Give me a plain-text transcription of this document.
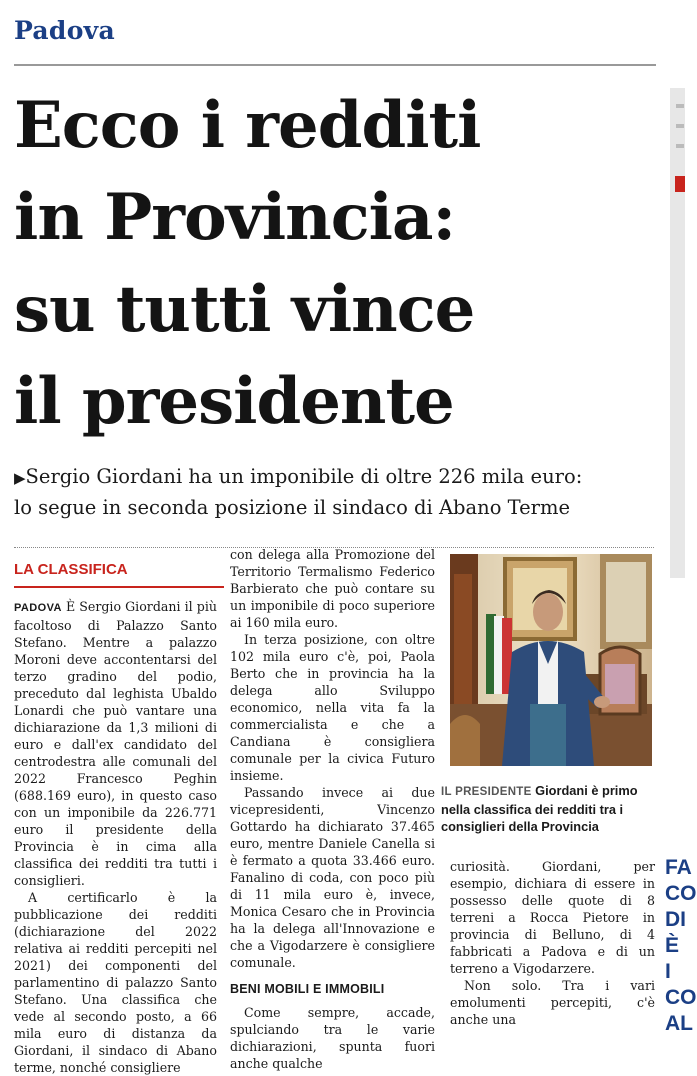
Padova
Ecco i redditi
in Provincia:
su tutti vince
il presidente
▶Sergio Giordani ha un imponibile di oltre 226 mila euro:
lo segue in seconda posizione il sindaco di Abano Terme
LA CLASSIFICA

PADOVA È Sergio Giordani il più facoltoso di Palazzo Santo Stefano. Mentre a palazzo Moroni deve accontentarsi del terzo gradino del podio, preceduto dal leghista Ubaldo Lonardi che può vantare una dichiarazione da 1,3 milioni di euro e dall'ex candidato del centrodestra alle comunali del 2022 Francesco Peghin (688.169 euro), in questo caso con un imponibile da 226.771 euro il presidente della Provincia è in cima alla classifica dei redditi tra tutti i consiglieri.

A certificarlo è la pubblicazione dei redditi (dichiarazione del 2022 relativa ai redditi percepiti nel 2021) dei componenti del parlamentino di palazzo Santo Stefano. Una classifica che vede al secondo posto, a 66 mila euro di distanza da Giordani, il sindaco di Abano terme, nonché consigliere

con delega alla Promozione del Territorio Termalismo Federico Barbierato che può contare su un imponibile di poco superiore ai 160 mila euro.

In terza posizione, con oltre 102 mila euro c'è, poi, Paola Berto che in provincia ha la delega allo Sviluppo economico, nella vita fa la commercialista e che a Candiana è consigliera comunale per la civica Futuro insieme.

Passando invece ai due vicepresidenti, Vincenzo Gottardo ha dichiarato 37.465 euro, mentre Daniele Canella si è fermato a quota 33.466 euro. Fanalino di coda, con poco più di 11 mila euro è, invece, Monica Cesaro che in Provincia ha la delega all'Innovazione e che a Vigodarzere è consigliere comunale.

BENI MOBILI E IMMOBILI

Come sempre, accade, spulciando tra le varie dichiarazioni, spunta fuori anche qualche

IL PRESIDENTE Giordani è primo nella classifica dei redditi tra i consiglieri della Provincia

curiosità. Giordani, per esempio, dichiara di essere in possesso delle quote di 8 terreni a Rocca Pietore in provincia di Belluno, di 4 fabbricati a Padova e di un terreno a Vigodarzere.

Non solo. Tra i vari emolumenti percepiti, c'è anche una

FA
CO
DI
È I
CO
AL
